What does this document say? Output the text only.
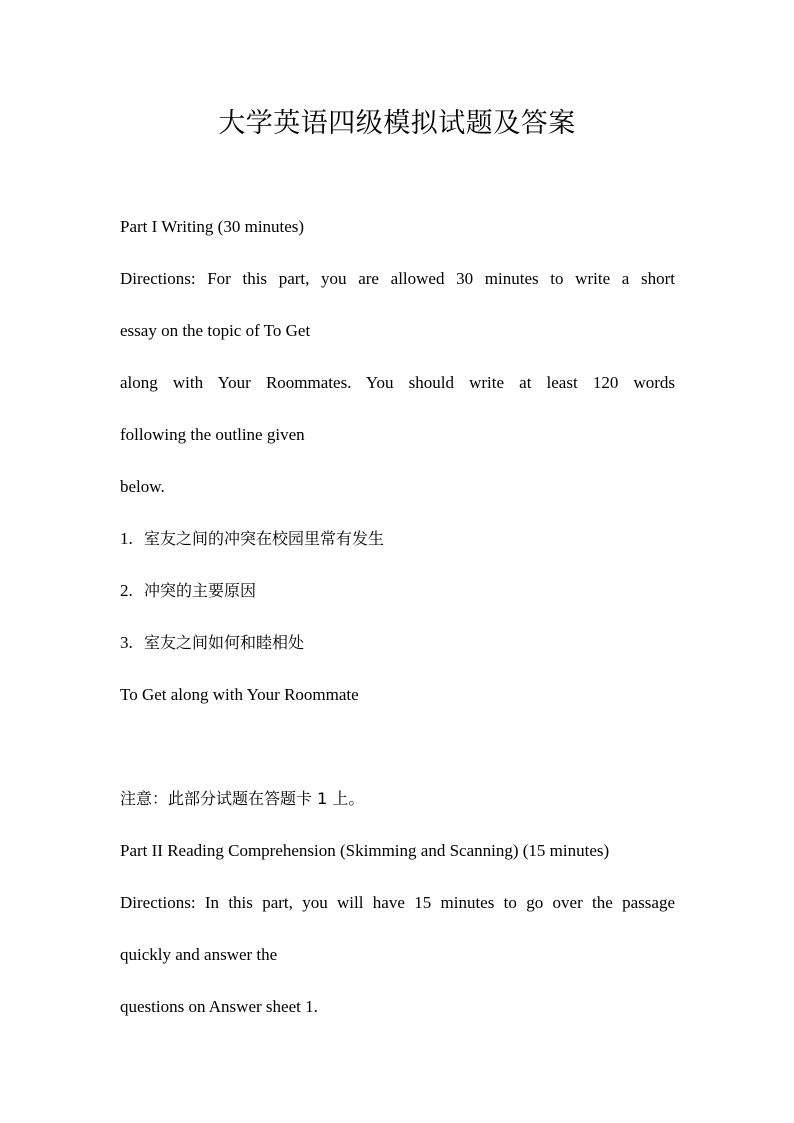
大学英语四级模拟试题及答案
Part I Writing (30 minutes)
Directions: For this part, you are allowed 30 minutes to write a short
essay on the topic of To Get
along with Your Roommates. You should write at least 120 words
following the outline given
below.
1. 室友之间的冲突在校园里常有发生
2. 冲突的主要原因
3. 室友之间如何和睦相处
To Get along with Your Roommate
注意：此部分试题在答题卡 1 上。
Part II Reading Comprehension (Skimming and Scanning) (15 minutes)
Directions: In this part, you will have 15 minutes to go over the passage
quickly and answer the
questions on Answer sheet 1.
